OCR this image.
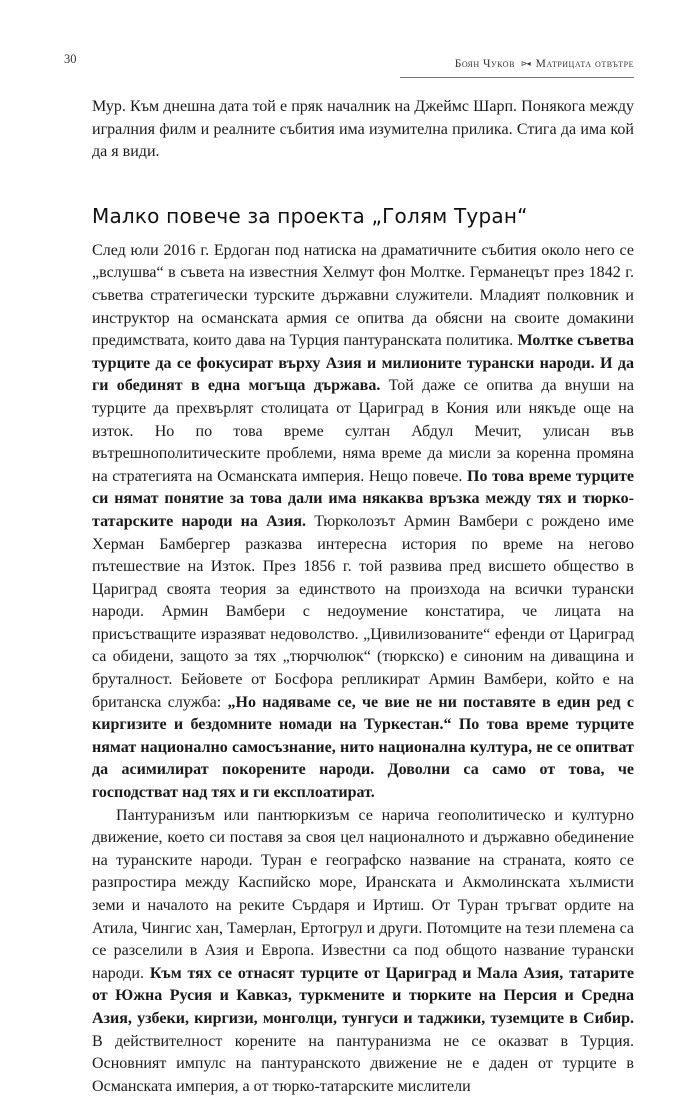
30	Боян Чуков ⊳◂ Матрицата отвътре

Мур. Към днешна дата той е пряк началник на Джеймс Шарп. Понякога между игралния филм и реалните събития има изумителна прилика. Стига да има кой да я види.

Малко повече за проекта „Голям Туран“

След юли 2016 г. Ердоган под натиска на драматичните събития около него се „вслушва“ в съвета на известния Хелмут фон Молтке. Германецът през 1842 г. съветва стратегически турските държавни служители. Младият полковник и инструктор на османската армия се опитва да обясни на своите домакини предимствата, които дава на Турция пантуранската политика. Молтке съветва турците да се фокусират върху Азия и милионите турански народи. И да ги обединят в една могъща държава. Той даже се опитва да внуши на турците да прехвърлят столицата от Цариград в Кония или някъде още на изток. Но по това време султан Абдул Мечит, улисан във вътрешнополитическите проблеми, няма време да мисли за коренна промяна на стратегията на Османската империя. Нещо повече. По това време турците си нямат понятие за това дали има някаква връзка между тях и тюрко-татарските народи на Азия. Тюрколозът Армин Вамбери с рождено име Херман Бамбергер разказва интересна история по време на негово пътешествие на Изток. През 1856 г. той развива пред висшето общество в Цариград своята теория за единството на произхода на всички турански народи. Армин Вамбери с недоумение констатира, че лицата на присъстващите изразяват недоволство. „Цивилизованите“ ефенди от Цариград са обидени, защото за тях „тюрчюлюк“ (тюркско) е синоним на диващина и бруталност. Бейовете от Босфора репликират Армин Вамбери, който е на британска служба: „Но надяваме се, че вие не ни поставяте в един ред с киргизите и бездомните номади на Туркестан.“ По това време турците нямат национално самосъзнание, нито национална култура, не се опитват да асимилират покорените народи. Доволни са само от това, че господстват над тях и ги експлоатират.

Пантуранизъм или пантюркизъм се нарича геополитическо и културно движение, което си поставя за своя цел националното и държавно обединение на туранските народи. Туран е географско название на страната, която се разпростира между Каспийско море, Иранската и Акмолинската хълмисти земи и началото на реките Сърдаря и Иртиш. От Туран тръгват ордите на Атила, Чингис хан, Тамерлан, Ертогрул и други. Потомците на тези племена са се разселили в Азия и Европа. Известни са под общото название турански народи. Към тях се отнасят турците от Цариград и Мала Азия, татарите от Южна Русия и Кавказ, туркмените и тюрките на Персия и Средна Азия, узбеки, киргизи, монголци, тунгуси и таджики, туземците в Сибир. В действителност корените на пантуранизма не се оказват в Турция. Основният импулс на пантуранското движение не е даден от турците в Османската империя, а от тюрко-татарските мислители
